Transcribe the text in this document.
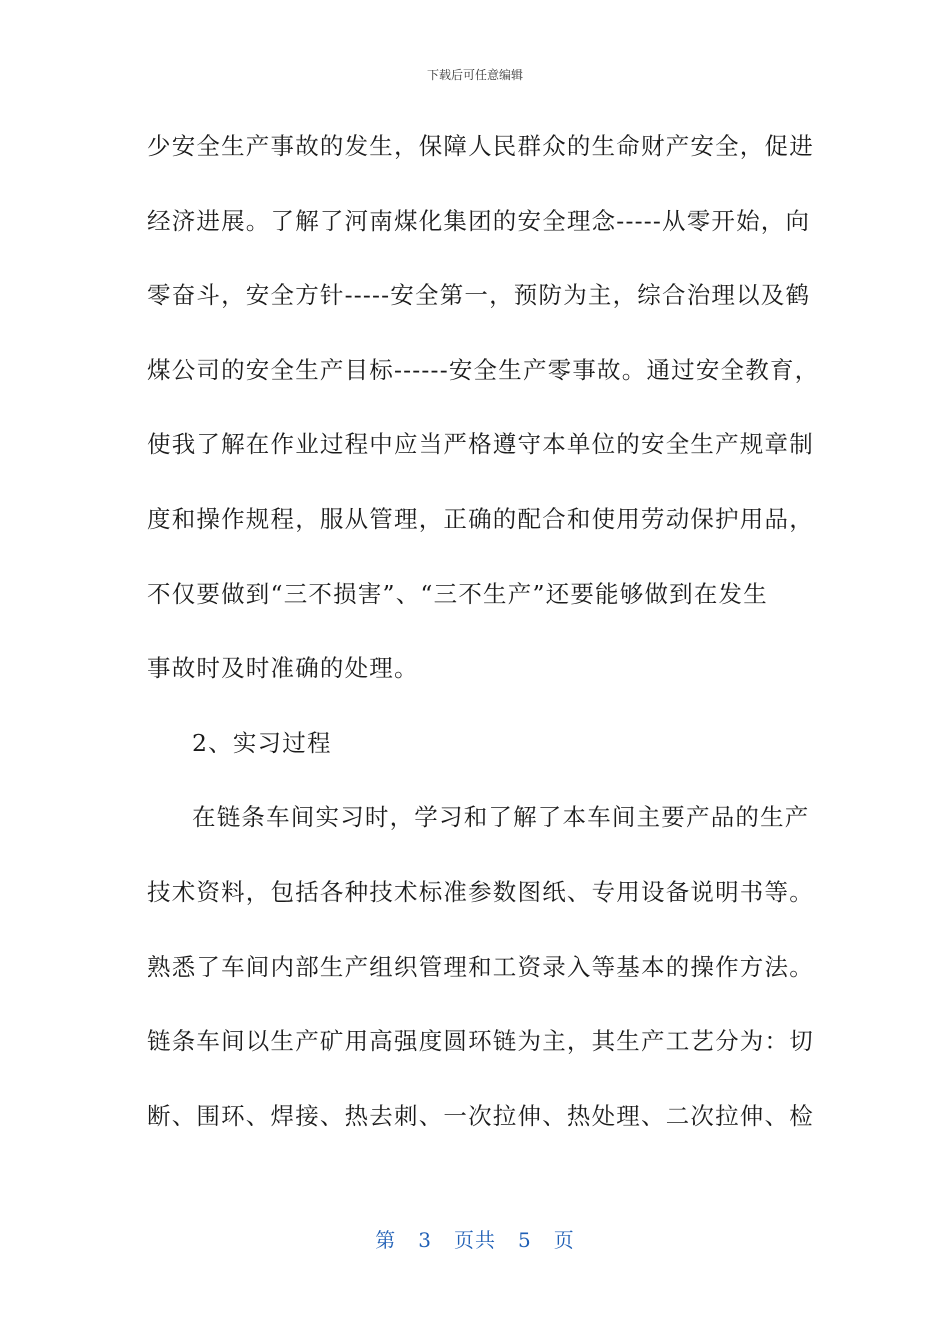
下载后可任意编辑
少安全生产事故的发生，保障人民群众的生命财产安全，促进
经济进展。了解了河南煤化集团的安全理念-----从零开始，向
零奋斗，安全方针-----安全第一，预防为主，综合治理以及鹤
煤公司的安全生产目标------安全生产零事故。通过安全教育，
使我了解在作业过程中应当严格遵守本单位的安全生产规章制
度和操作规程，服从管理，正确的配合和使用劳动保护用品，
不仅要做到“三不损害”、“三不生产”还要能够做到在发生
事故时及时准确的处理。
2、实习过程
在链条车间实习时，学习和了解了本车间主要产品的生产
技术资料，包括各种技术标准参数图纸、专用设备说明书等。
熟悉了车间内部生产组织管理和工资录入等基本的操作方法。
链条车间以生产矿用高强度圆环链为主，其生产工艺分为：切
断、围环、焊接、热去刺、一次拉伸、热处理、二次拉伸、检
第 3 页共 5 页
